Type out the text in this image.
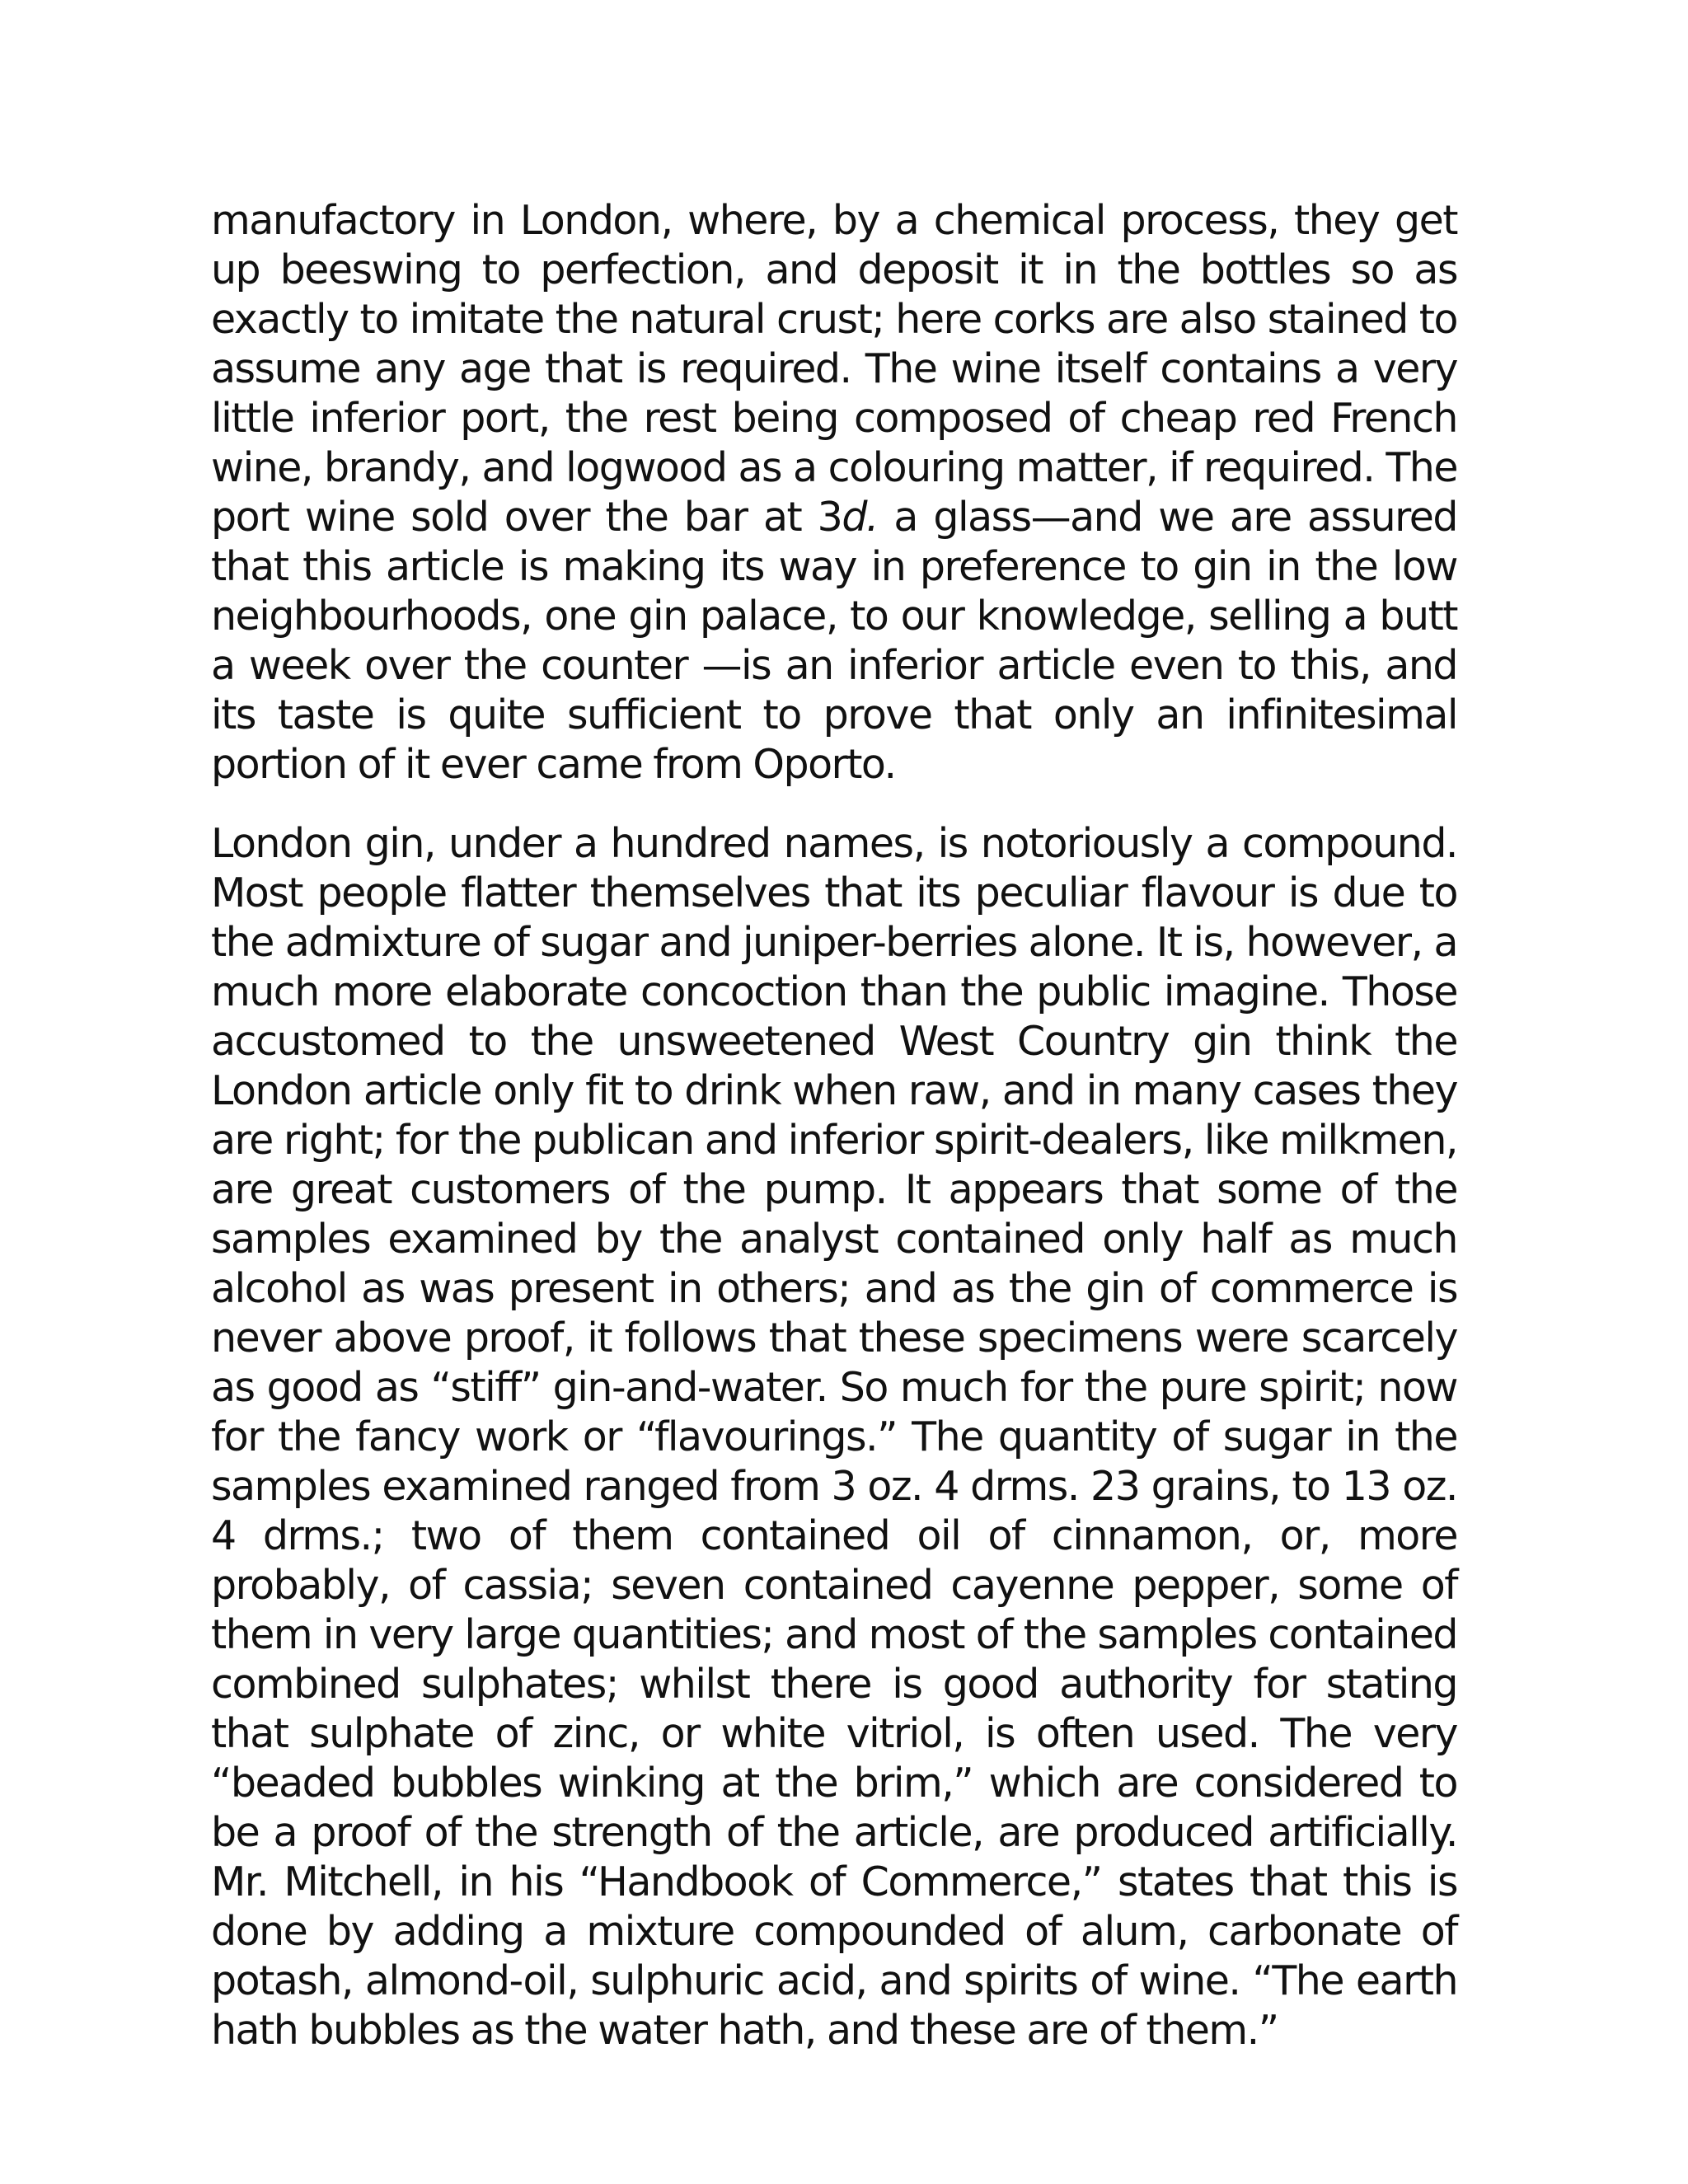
manufactory in London, where, by a chemical process, they get up beeswing to perfection, and deposit it in the bottles so as exactly to imitate the natural crust; here corks are also stained to assume any age that is required. The wine itself contains a very little inferior port, the rest being composed of cheap red French wine, brandy, and logwood as a colouring matter, if required. The port wine sold over the bar at 3d. a glass—and we are assured that this article is making its way in preference to gin in the low neighbourhoods, one gin palace, to our knowledge, selling a butt a week over the counter —is an inferior article even to this, and its taste is quite sufficient to prove that only an infinitesimal portion of it ever came from Oporto.

London gin, under a hundred names, is notoriously a compound. Most people flatter themselves that its peculiar flavour is due to the admixture of sugar and juniper-berries alone. It is, however, a much more elaborate concoction than the public imagine. Those accustomed to the unsweetened West Country gin think the London article only fit to drink when raw, and in many cases they are right; for the publican and inferior spirit-dealers, like milkmen, are great customers of the pump. It appears that some of the samples examined by the analyst contained only half as much alcohol as was present in others; and as the gin of commerce is never above proof, it follows that these specimens were scarcely as good as “stiff” gin-and-water. So much for the pure spirit; now for the fancy work or “flavourings.” The quantity of sugar in the samples examined ranged from 3 oz. 4 drms. 23 grains, to 13 oz. 4 drms.; two of them contained oil of cinnamon, or, more probably, of cassia; seven contained cayenne pepper, some of them in very large quantities; and most of the samples contained combined sulphates; whilst there is good authority for stating that sulphate of zinc, or white vitriol, is often used. The very “beaded bubbles winking at the brim,” which are considered to be a proof of the strength of the article, are produced artificially. Mr. Mitchell, in his “Handbook of Commerce,” states that this is done by adding a mixture compounded of alum, carbonate of potash, almond-oil, sulphuric acid, and spirits of wine. “The earth hath bubbles as the water hath, and these are of them.”
